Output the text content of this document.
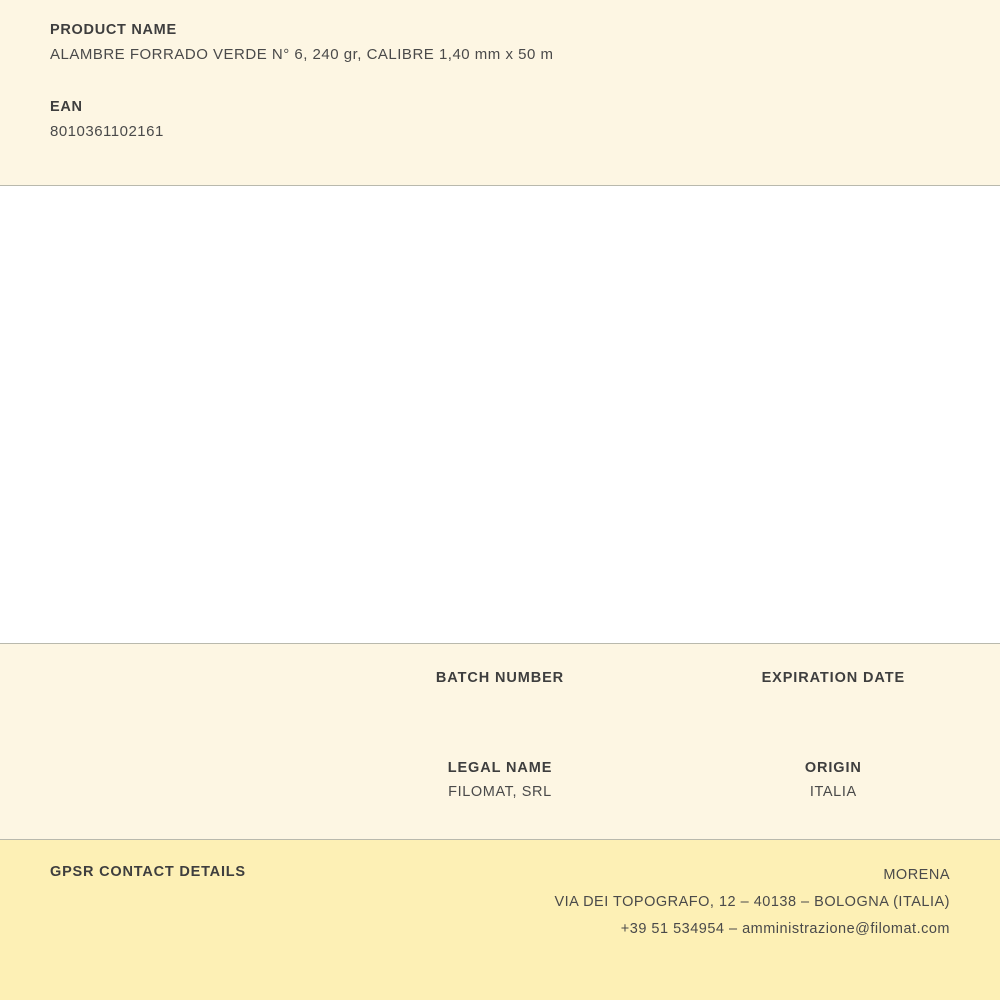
PRODUCT NAME

ALAMBRE FORRADO VERDE N° 6, 240 gr, CALIBRE 1,40 mm x 50 m

EAN

8010361102161

BATCH NUMBER	EXPIRATION DATE

LEGAL NAME

FILOMAT, SRL

ORIGIN

ITALIA

GPSR CONTACT DETAILS	MORENA

VIA DEI TOPOGRAFO, 12 – 40138 – BOLOGNA (ITALIA)

+39 51 534954 – amministrazione@filomat.com
